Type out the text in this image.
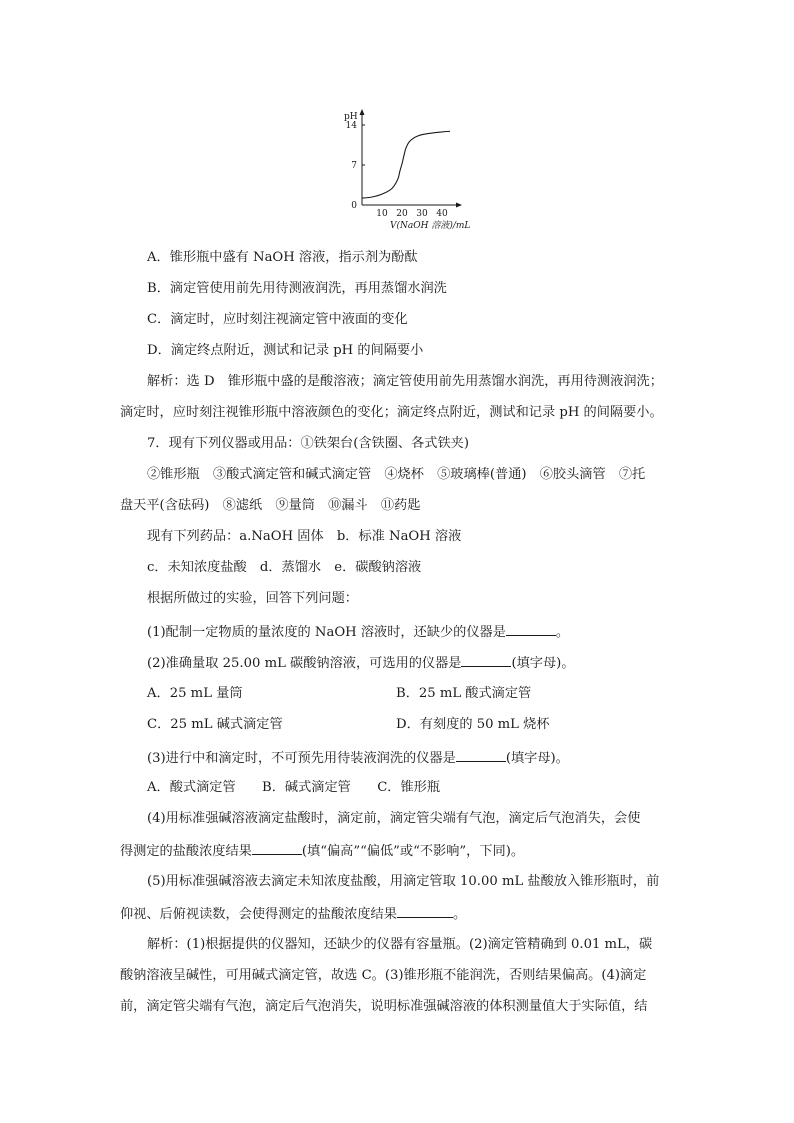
pH
14
7
0
10 20 30 40
V(NaOH 溶液)/mL
A．锥形瓶中盛有 NaOH 溶液，指示剂为酚酞
B．滴定管使用前先用待测液润洗，再用蒸馏水润洗
C．滴定时，应时刻注视滴定管中液面的变化
D．滴定终点附近，测试和记录 pH 的间隔要小
解析：选 D　锥形瓶中盛的是酸溶液；滴定管使用前先用蒸馏水润洗，再用待测液润洗；
滴定时，应时刻注视锥形瓶中溶液颜色的变化；滴定终点附近，测试和记录 pH 的间隔要小。
7．现有下列仪器或用品：①铁架台(含铁圈、各式铁夹)
②锥形瓶　③酸式滴定管和碱式滴定管　④烧杯　⑤玻璃棒(普通)　⑥胶头滴管　⑦托
盘天平(含砝码)　⑧滤纸　⑨量筒　⑩漏斗　⑪药匙
现有下列药品：a.NaOH 固体　b．标准 NaOH 溶液
c．未知浓度盐酸　d．蒸馏水　e．碳酸钠溶液
根据所做过的实验，回答下列问题：
(1)配制一定物质的量浓度的 NaOH 溶液时，还缺少的仪器是	。
(2)准确量取 25.00 mL 碳酸钠溶液，可选用的仪器是	(填字母)。
A．25 mL 量筒	B．25 mL 酸式滴定管
C．25 mL 碱式滴定管	D．有刻度的 50 mL 烧杯
(3)进行中和滴定时，不可预先用待装液润洗的仪器是	(填字母)。
A．酸式滴定管　　B．碱式滴定管　　C．锥形瓶
(4)用标准强碱溶液滴定盐酸时，滴定前，滴定管尖端有气泡，滴定后气泡消失，会使
得测定的盐酸浓度结果	(填“偏高”“偏低”或“不影响”，下同)。
(5)用标准强碱溶液去滴定未知浓度盐酸，用滴定管取 10.00 mL 盐酸放入锥形瓶时，前
仰视、后俯视读数，会使得测定的盐酸浓度结果	。
解析：(1)根据提供的仪器知，还缺少的仪器有容量瓶。(2)滴定管精确到 0.01 mL，碳
酸钠溶液呈碱性，可用碱式滴定管，故选 C。(3)锥形瓶不能润洗，否则结果偏高。(4)滴定
前，滴定管尖端有气泡，滴定后气泡消失，说明标准强碱溶液的体积测量值大于实际值，结
